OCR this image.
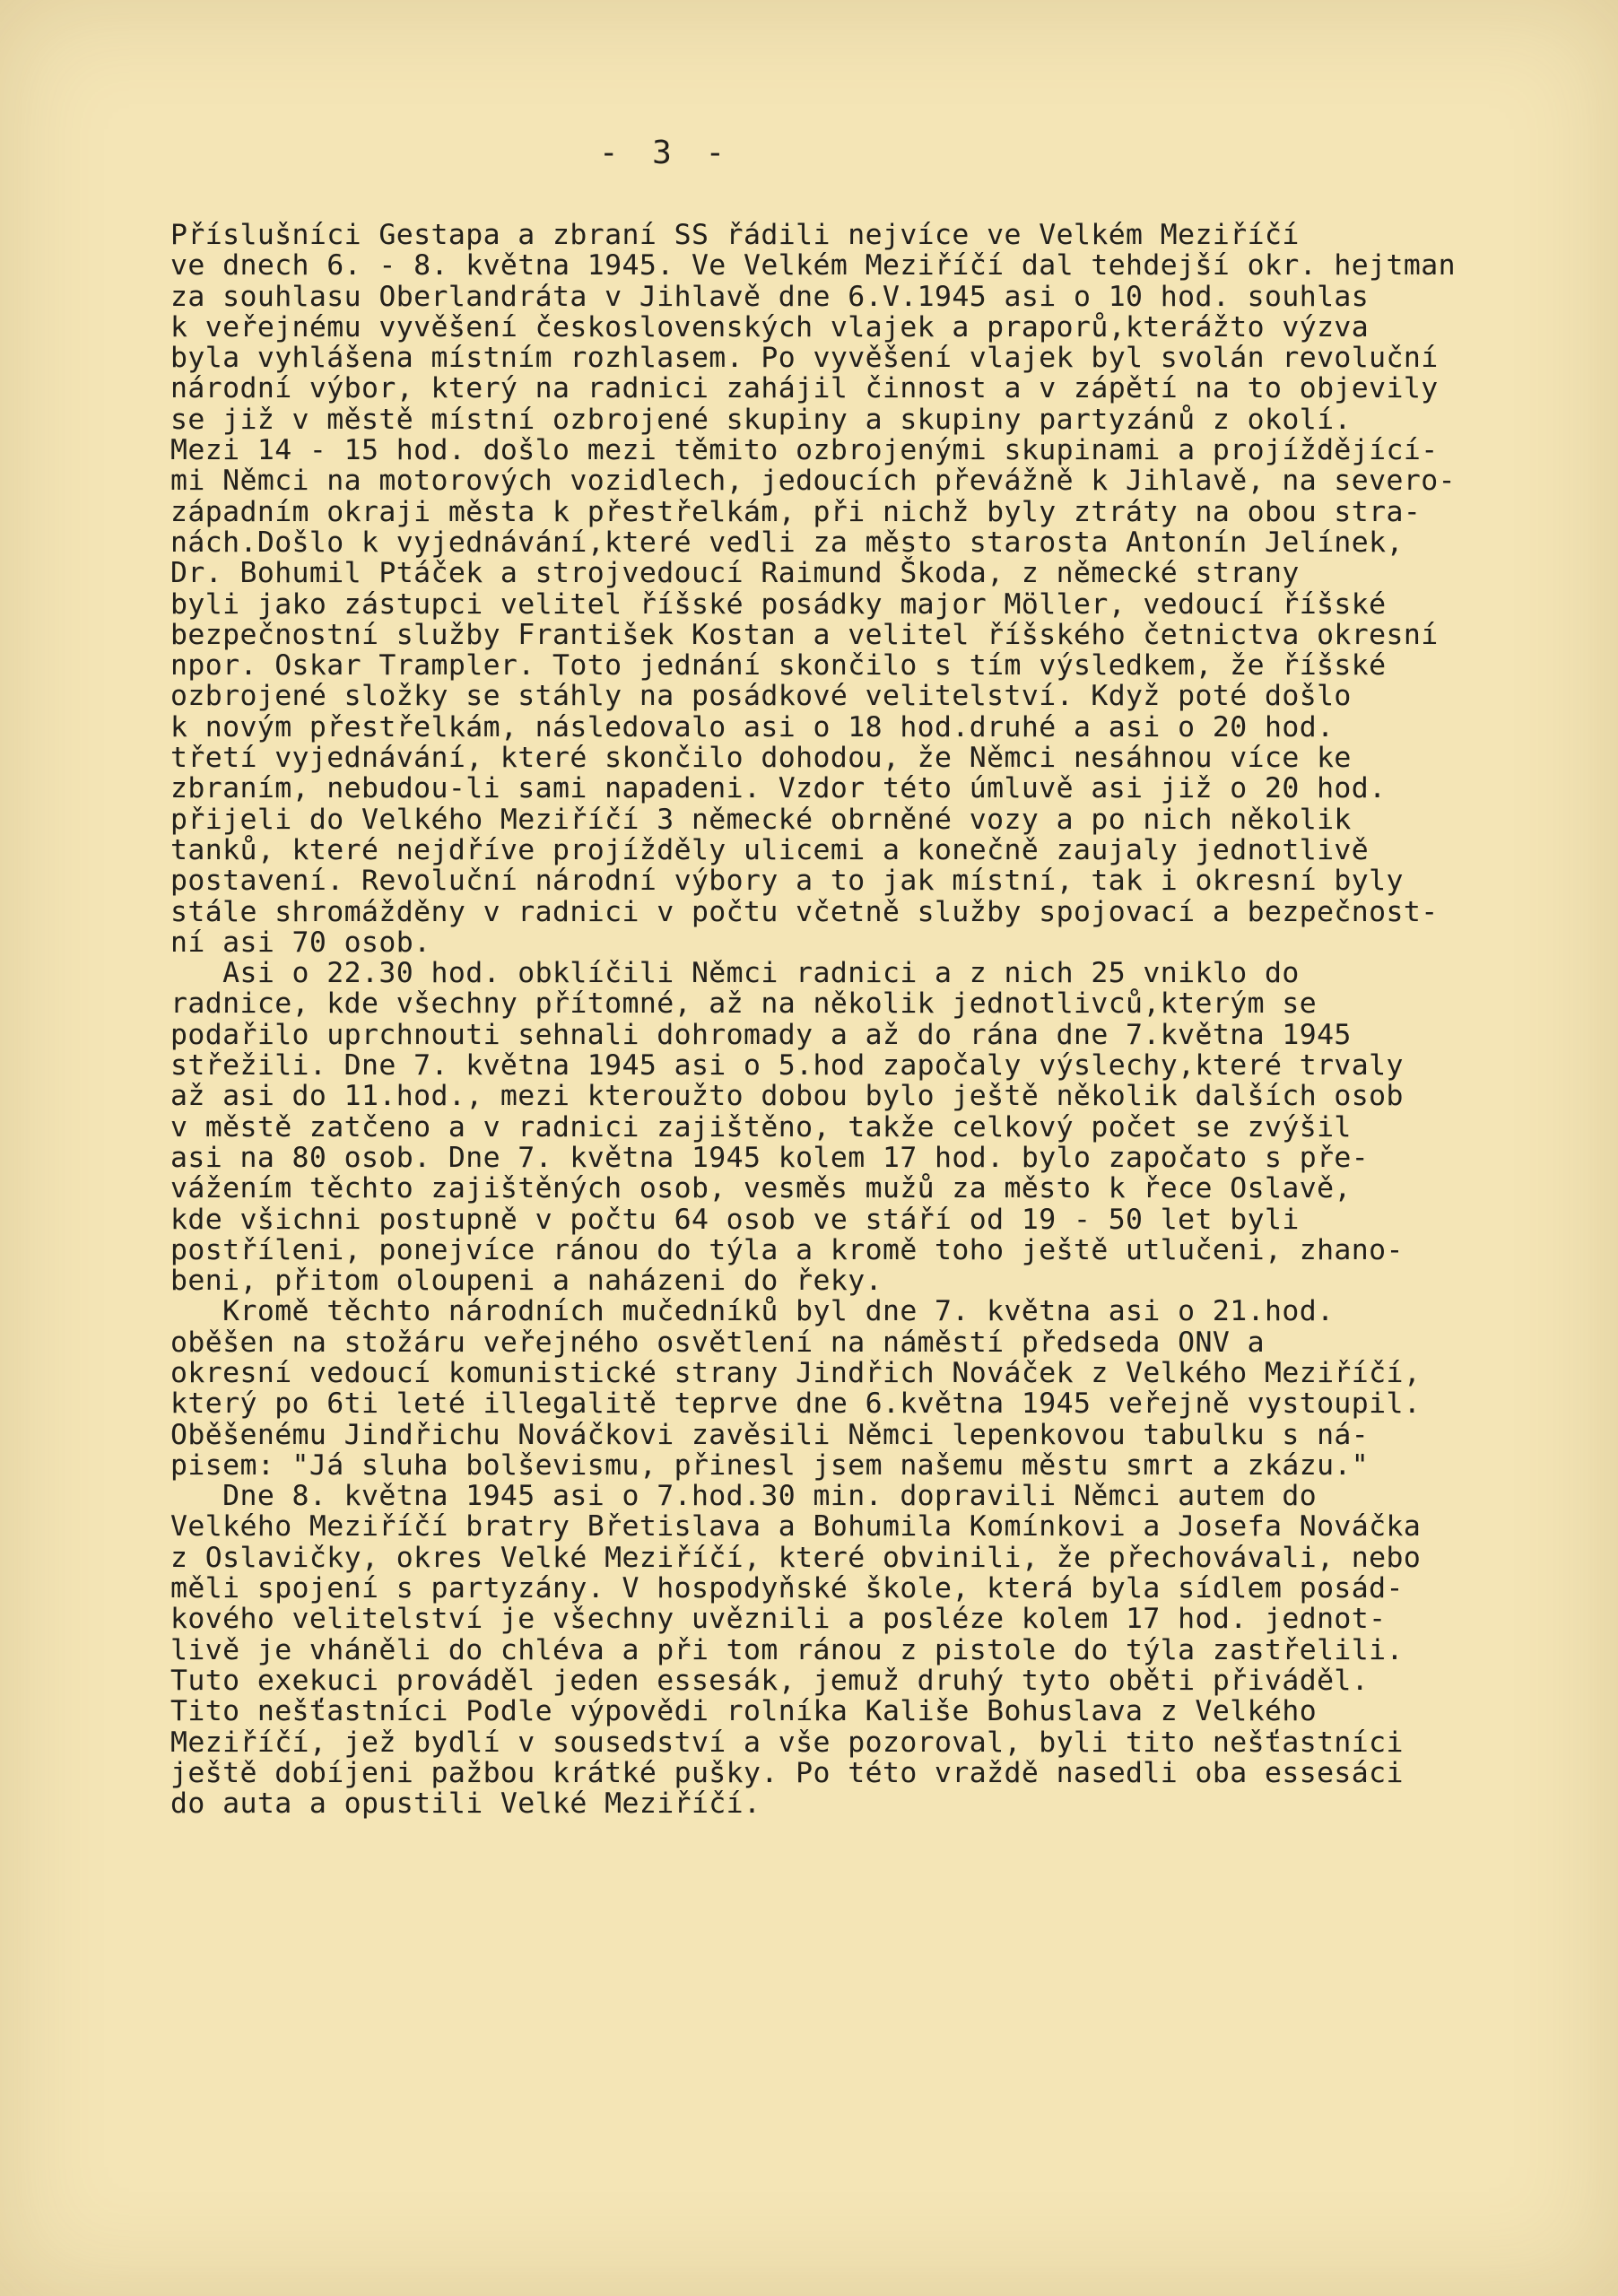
- 3 -
Příslušníci Gestapa a zbraní SS řádili nejvíce ve Velkém Meziříčí
ve dnech 6. - 8. května 1945. Ve Velkém Meziříčí dal tehdejší okr. hejtman
za souhlasu Oberlandráta v Jihlavě dne 6.V.1945 asi o 10 hod. souhlas
k veřejnému vyvěšení československých vlajek a praporů,kterážto výzva
byla vyhlášena místním rozhlasem. Po vyvěšení vlajek byl svolán revoluční
národní výbor, který na radnici zahájil činnost a v zápětí na to objevily
se již v městě místní ozbrojené skupiny a skupiny partyzánů z okolí.
Mezi 14 - 15 hod. došlo mezi těmito ozbrojenými skupinami a projíždějící-
mi Němci na motorových vozidlech, jedoucích převážně k Jihlavě, na severo-
západním okraji města k přestřelkám, při nichž byly ztráty na obou stra-
nách.Došlo k vyjednávání,které vedli za město starosta Antonín Jelínek,
Dr. Bohumil Ptáček a strojvedoucí Raimund Škoda, z německé strany
byli jako zástupci velitel říšské posádky major Möller, vedoucí říšské
bezpečnostní služby František Kostan a velitel říšského četnictva okresní
npor. Oskar Trampler. Toto jednání skončilo s tím výsledkem, že říšské
ozbrojené složky se stáhly na posádkové velitelství. Když poté došlo
k novým přestřelkám, následovalo asi o 18 hod.druhé a asi o 20 hod.
třetí vyjednávání, které skončilo dohodou, že Němci nesáhnou více ke
zbraním, nebudou-li sami napadeni. Vzdor této úmluvě asi již o 20 hod.
přijeli do Velkého Meziříčí 3 německé obrněné vozy a po nich několik
tanků, které nejdříve projížděly ulicemi a konečně zaujaly jednotlivě
postavení. Revoluční národní výbory a to jak místní, tak i okresní byly
stále shromážděny v radnici v počtu včetně služby spojovací a bezpečnost-
ní asi 70 osob.
Asi o 22.30 hod. obklíčili Němci radnici a z nich 25 vniklo do
radnice, kde všechny přítomné, až na několik jednotlivců,kterým se
podařilo uprchnouti sehnali dohromady a až do rána dne 7.května 1945
střežili. Dne 7. května 1945 asi o 5.hod započaly výslechy,které trvaly
až asi do 11.hod., mezi kteroužto dobou bylo ještě několik dalších osob
v městě zatčeno a v radnici zajištěno, takže celkový počet se zvýšil
asi na 80 osob. Dne 7. května 1945 kolem 17 hod. bylo započato s pře-
vážením těchto zajištěných osob, vesměs mužů za město k řece Oslavě,
kde všichni postupně v počtu 64 osob ve stáří od 19 - 50 let byli
postříleni, ponejvíce ránou do týla a kromě toho ještě utlučeni, zhano-
beni, přitom oloupeni a naházeni do řeky.
Kromě těchto národních mučedníků byl dne 7. května asi o 21.hod.
oběšen na stožáru veřejného osvětlení na náměstí předseda ONV a
okresní vedoucí komunistické strany Jindřich Nováček z Velkého Meziříčí,
který po 6ti leté illegalitě teprve dne 6.května 1945 veřejně vystoupil.
Oběšenému Jindřichu Nováčkovi zavěsili Němci lepenkovou tabulku s ná-
pisem: "Já sluha bolševismu, přinesl jsem našemu městu smrt a zkázu."
Dne 8. května 1945 asi o 7.hod.30 min. dopravili Němci autem do
Velkého Meziříčí bratry Břetislava a Bohumila Komínkovi a Josefa Nováčka
z Oslavičky, okres Velké Meziříčí, které obvinili, že přechovávali, nebo
měli spojení s partyzány. V hospodyňské škole, která byla sídlem posád-
kového velitelství je všechny uvěznili a posléze kolem 17 hod. jednot-
livě je vháněli do chléva a při tom ránou z pistole do týla zastřelili.
Tuto exekuci prováděl jeden essesák, jemuž druhý tyto oběti přiváděl.
Tito nešťastníci Podle výpovědi rolníka Kališe Bohuslava z Velkého
Meziříčí, jež bydlí v sousedství a vše pozoroval, byli tito nešťastníci
ještě dobíjeni pažbou krátké pušky. Po této vraždě nasedli oba essesáci
do auta a opustili Velké Meziříčí.
